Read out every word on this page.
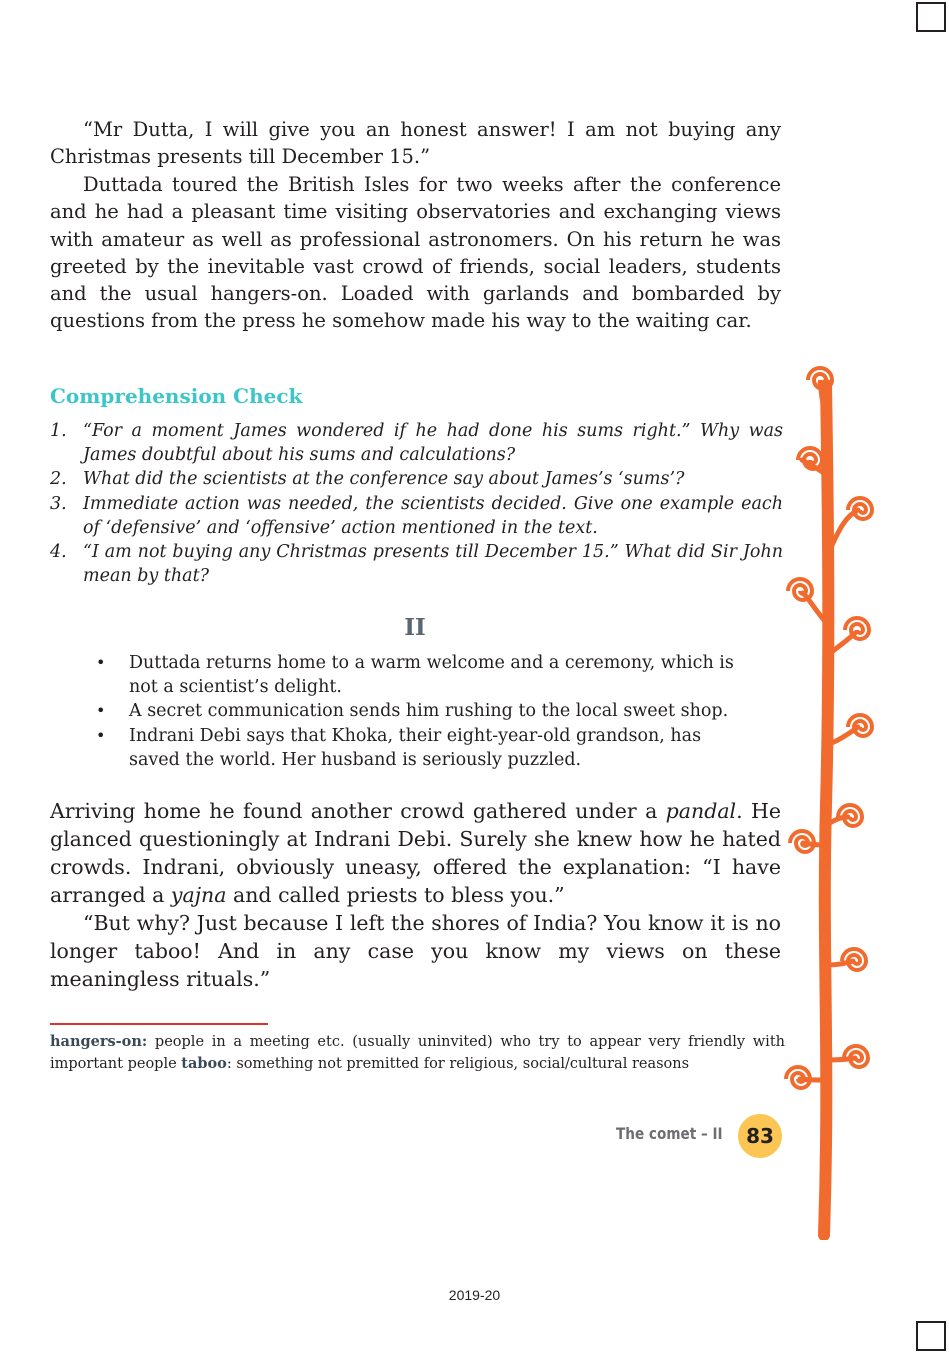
“Mr Dutta, I will give you an honest answer! I am not buying any Christmas presents till December 15.”

Duttada toured the British Isles for two weeks after the conference and he had a pleasant time visiting observatories and exchanging views with amateur as well as professional astronomers. On his return he was greeted by the inevitable vast crowd of friends, social leaders, students and the usual hangers-on. Loaded with garlands and bombarded by questions from the press he somehow made his way to the waiting car.

Comprehension Check
1. “For a moment James wondered if he had done his sums right.” Why was James doubtful about his sums and calculations?
2. What did the scientists at the conference say about James’s ‘sums’?
3. Immediate action was needed, the scientists decided. Give one example each of ‘defensive’ and ‘offensive’ action mentioned in the text.
4. “I am not buying any Christmas presents till December 15.” What did Sir John mean by that?
II
• Duttada returns home to a warm welcome and a ceremony, which is not a scientist’s delight.
• A secret communication sends him rushing to the local sweet shop.
• Indrani Debi says that Khoka, their eight-year-old grandson, has saved the world. Her husband is seriously puzzled.

Arriving home he found another crowd gathered under a pandal. He glanced questioningly at Indrani Debi. Surely she knew how he hated crowds. Indrani, obviously uneasy, offered the explanation: “I have arranged a yajna and called priests to bless you.”

“But why? Just because I left the shores of India? You know it is no longer taboo! And in any case you know my views on these meaningless rituals.”

hangers-on: people in a meeting etc. (usually uninvited) who try to appear very friendly with important people taboo: something not premitted for religious, social/cultural reasons

The comet – II	83
2019-20
